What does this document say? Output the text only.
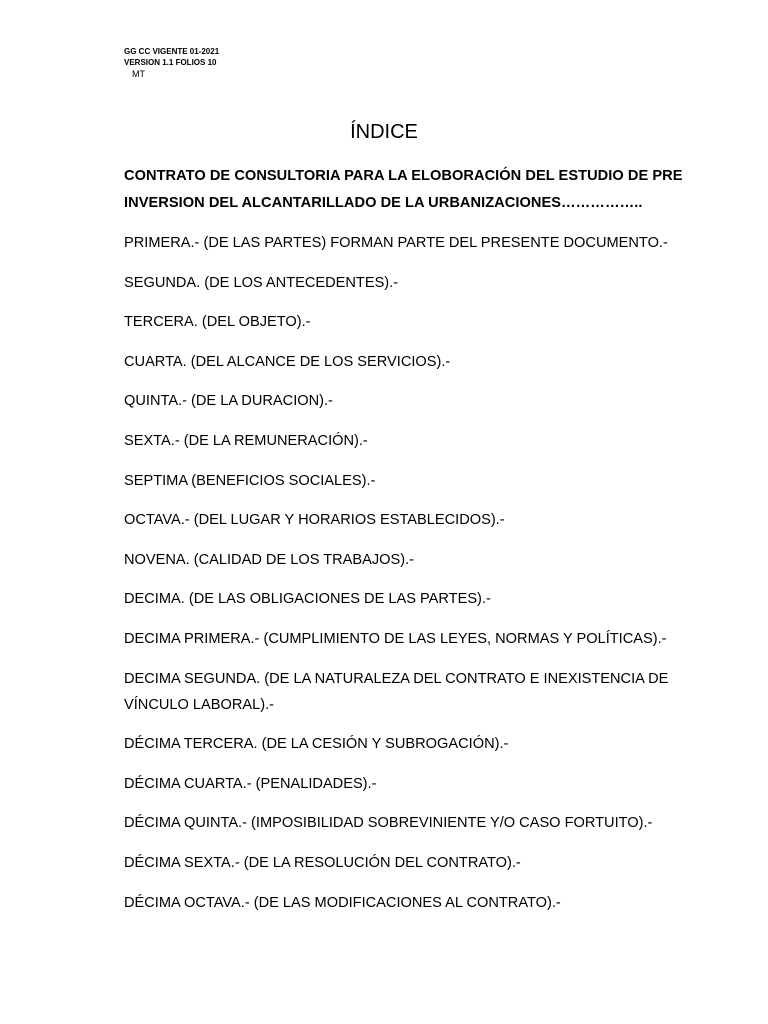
GG CC VIGENTE 01-2021
VERSION 1.1 FOLIOS 10
MT
ÍNDICE
CONTRATO DE CONSULTORIA PARA LA ELOBORACIÓN DEL ESTUDIO DE PRE INVERSION DEL ALCANTARILLADO DE LA URBANIZACIONES……………..
PRIMERA.- (DE LAS PARTES) FORMAN PARTE DEL PRESENTE DOCUMENTO.-
SEGUNDA. (DE LOS ANTECEDENTES).-
TERCERA. (DEL OBJETO).-
CUARTA. (DEL ALCANCE DE LOS SERVICIOS).-
QUINTA.- (DE LA DURACION).-
SEXTA.- (DE LA REMUNERACIÓN).-
SEPTIMA (BENEFICIOS SOCIALES).-
OCTAVA.- (DEL LUGAR Y HORARIOS ESTABLECIDOS).-
NOVENA. (CALIDAD DE LOS TRABAJOS).-
DECIMA. (DE LAS OBLIGACIONES DE LAS PARTES).-
DECIMA PRIMERA.- (CUMPLIMIENTO DE LAS LEYES, NORMAS Y POLÍTICAS).-
DECIMA SEGUNDA. (DE LA NATURALEZA DEL CONTRATO E INEXISTENCIA DE VÍNCULO LABORAL).-
DÉCIMA TERCERA. (DE LA CESIÓN Y SUBROGACIÓN).-
DÉCIMA CUARTA.- (PENALIDADES).-
DÉCIMA QUINTA.- (IMPOSIBILIDAD SOBREVINIENTE Y/O CASO FORTUITO).-
DÉCIMA SEXTA.- (DE LA RESOLUCIÓN DEL CONTRATO).-
DÉCIMA OCTAVA.- (DE LAS MODIFICACIONES AL CONTRATO).-
